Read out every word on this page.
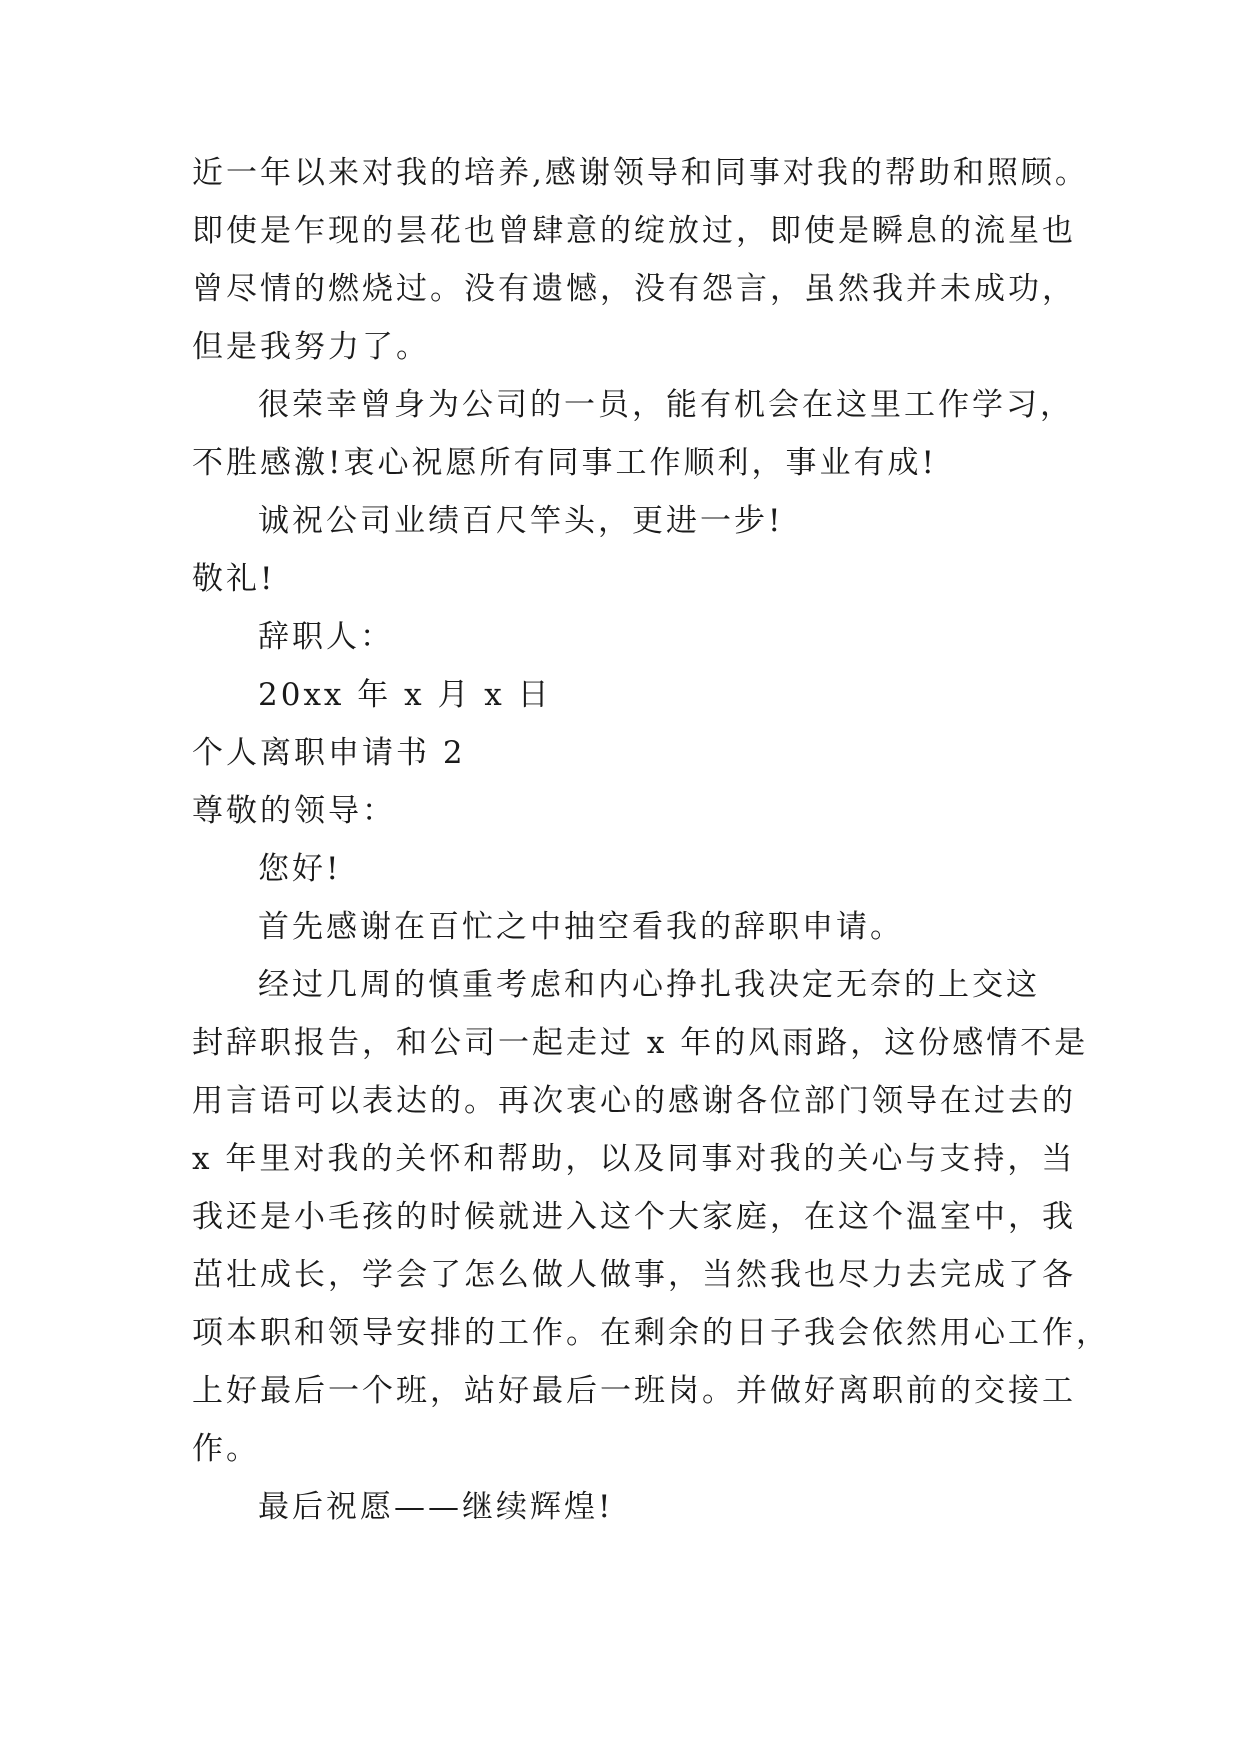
近一年以来对我的培养,感谢领导和同事对我的帮助和照顾。
即使是乍现的昙花也曾肆意的绽放过，即使是瞬息的流星也
曾尽情的燃烧过。没有遗憾，没有怨言，虽然我并未成功，
但是我努力了。
很荣幸曾身为公司的一员，能有机会在这里工作学习，
不胜感激!衷心祝愿所有同事工作顺利，事业有成!
诚祝公司业绩百尺竿头，更进一步!
敬礼!
辞职人：
20xx 年 x 月 x 日
个人离职申请书 2
尊敬的领导：
您好!
首先感谢在百忙之中抽空看我的辞职申请。
经过几周的慎重考虑和内心挣扎我决定无奈的上交这
封辞职报告，和公司一起走过 x 年的风雨路，这份感情不是
用言语可以表达的。再次衷心的感谢各位部门领导在过去的
x 年里对我的关怀和帮助，以及同事对我的关心与支持，当
我还是小毛孩的时候就进入这个大家庭，在这个温室中，我
茁壮成长，学会了怎么做人做事，当然我也尽力去完成了各
项本职和领导安排的工作。在剩余的日子我会依然用心工作，
上好最后一个班，站好最后一班岗。并做好离职前的交接工
作。
最后祝愿——继续辉煌!
